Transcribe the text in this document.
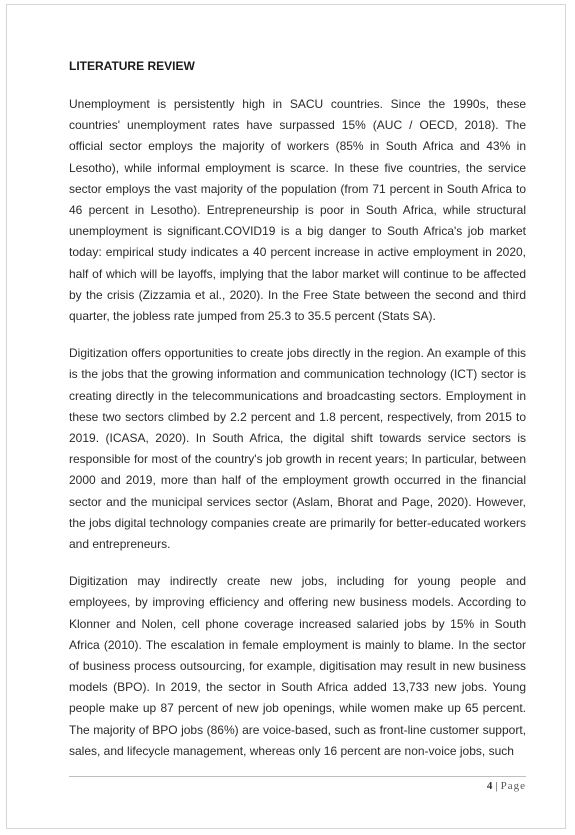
LITERATURE REVIEW

Unemployment is persistently high in SACU countries. Since the 1990s, these countries' unemployment rates have surpassed 15% (AUC / OECD, 2018). The official sector employs the majority of workers (85% in South Africa and 43% in Lesotho), while informal employment is scarce. In these five countries, the service sector employs the vast majority of the population (from 71 percent in South Africa to 46 percent in Lesotho). Entrepreneurship is poor in South Africa, while structural unemployment is significant.COVID19 is a big danger to South Africa's job market today: empirical study indicates a 40 percent increase in active employment in 2020, half of which will be layoffs, implying that the labor market will continue to be affected by the crisis (Zizzamia et al., 2020). In the Free State between the second and third quarter, the jobless rate jumped from 25.3 to 35.5 percent (Stats SA).

Digitization offers opportunities to create jobs directly in the region. An example of this is the jobs that the growing information and communication technology (ICT) sector is creating directly in the telecommunications and broadcasting sectors. Employment in these two sectors climbed by 2.2 percent and 1.8 percent, respectively, from 2015 to 2019. (ICASA, 2020). In South Africa, the digital shift towards service sectors is responsible for most of the country's job growth in recent years; In particular, between 2000 and 2019, more than half of the employment growth occurred in the financial sector and the municipal services sector (Aslam, Bhorat and Page, 2020). However, the jobs digital technology companies create are primarily for better-educated workers and entrepreneurs.

Digitization may indirectly create new jobs, including for young people and employees, by improving efficiency and offering new business models. According to Klonner and Nolen, cell phone coverage increased salaried jobs by 15% in South Africa (2010). The escalation in female employment is mainly to blame. In the sector of business process outsourcing, for example, digitisation may result in new business models (BPO). In 2019, the sector in South Africa added 13,733 new jobs. Young people make up 87 percent of new job openings, while women make up 65 percent. The majority of BPO jobs (86%) are voice-based, such as front-line customer support, sales, and lifecycle management, whereas only 16 percent are non-voice jobs, such

4 | Page
